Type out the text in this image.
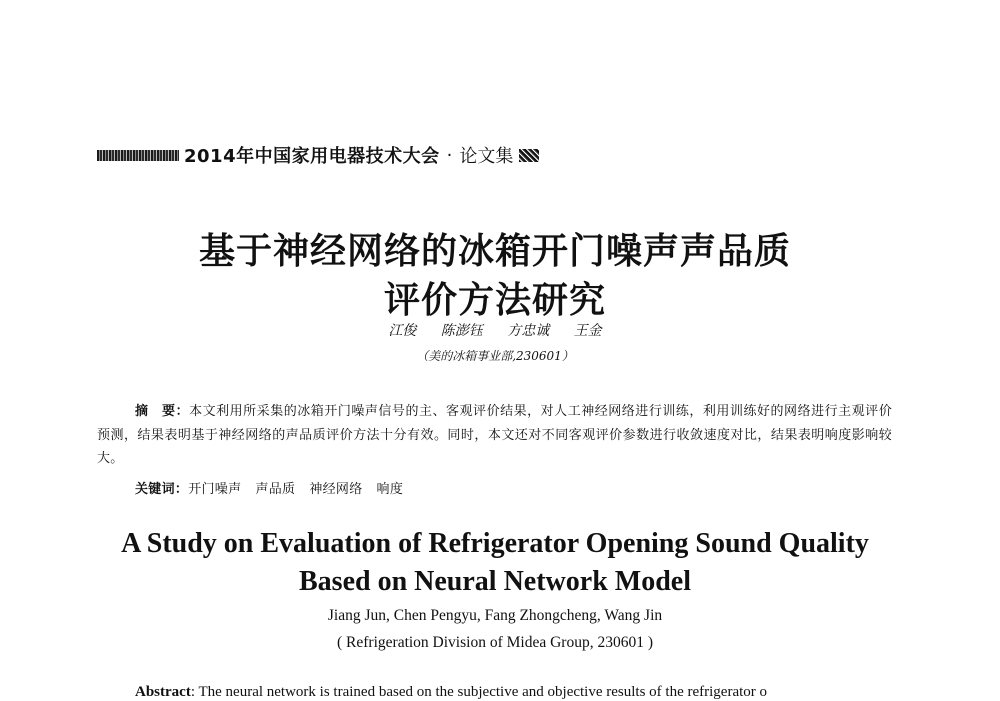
2014年中国家用电器技术大会 · 论文集
基于神经网络的冰箱开门噪声声品质
评价方法研究
江俊 陈澎钰 方忠诚 王金
（美的冰箱事业部,230601）
摘　要：本文利用所采集的冰箱开门噪声信号的主、客观评价结果，对人工神经网络进行训练，利用训练好的网络进行主观评价预测，结果表明基于神经网络的声品质评价方法十分有效。同时，本文还对不同客观评价参数进行收敛速度对比，结果表明响度影响较大。
关键词：开门噪声 声品质 神经网络 响度
A Study on Evaluation of Refrigerator Opening Sound Quality
Based on Neural Network Model
Jiang Jun, Chen Pengyu, Fang Zhongcheng, Wang Jin
( Refrigeration Division of Midea Group, 230601 )
Abstract: The neural network is trained based on the subjective and objective results of the refrigerator o
